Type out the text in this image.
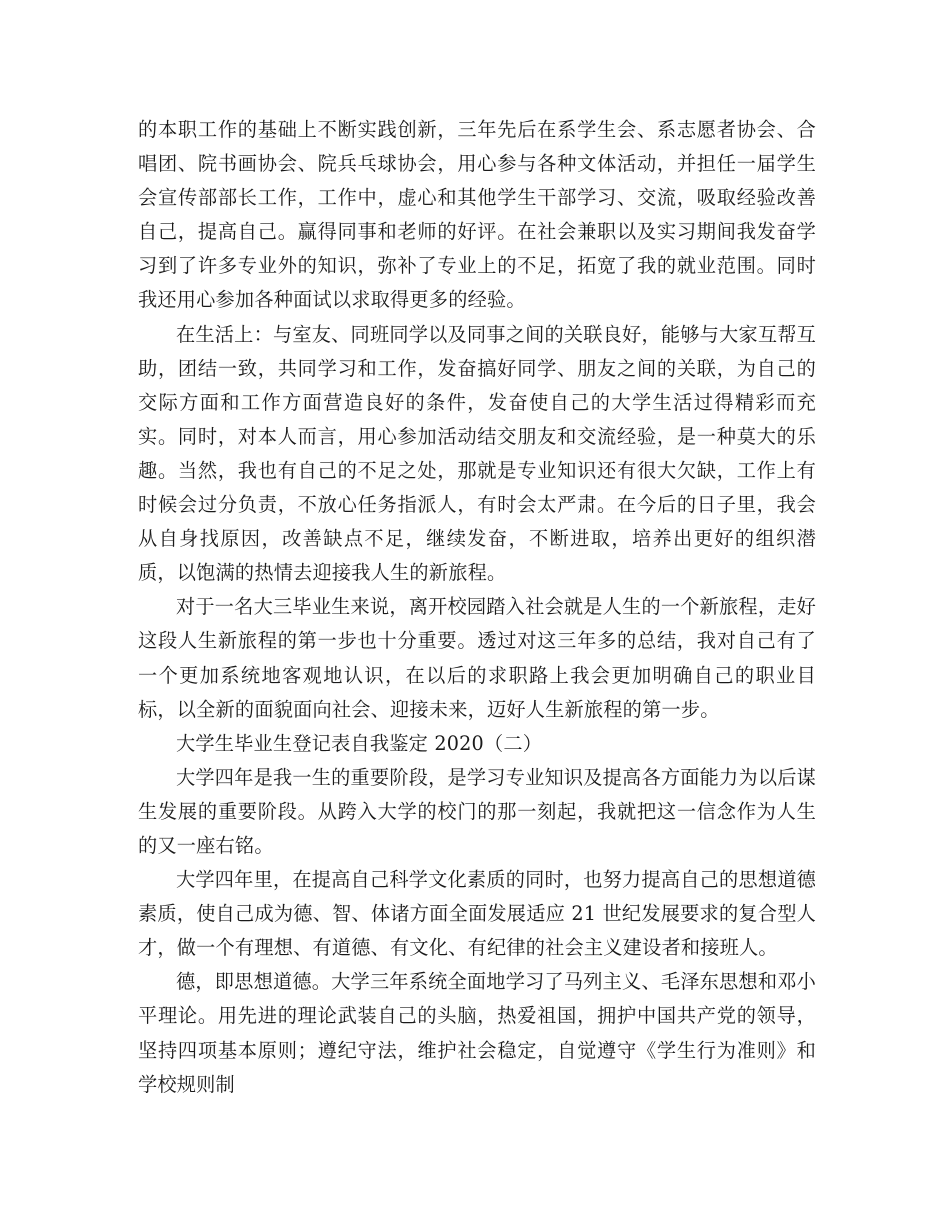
的本职工作的基础上不断实践创新，三年先后在系学生会、系志愿者协会、合唱团、院书画协会、院兵乓球协会，用心参与各种文体活动，并担任一届学生会宣传部部长工作，工作中，虚心和其他学生干部学习、交流，吸取经验改善自己，提高自己。赢得同事和老师的好评。在社会兼职以及实习期间我发奋学习到了许多专业外的知识，弥补了专业上的不足，拓宽了我的就业范围。同时我还用心参加各种面试以求取得更多的经验。

在生活上：与室友、同班同学以及同事之间的关联良好，能够与大家互帮互助，团结一致，共同学习和工作，发奋搞好同学、朋友之间的关联，为自己的交际方面和工作方面营造良好的条件，发奋使自己的大学生活过得精彩而充实。同时，对本人而言，用心参加活动结交朋友和交流经验，是一种莫大的乐趣。当然，我也有自己的不足之处，那就是专业知识还有很大欠缺，工作上有时候会过分负责，不放心任务指派人，有时会太严肃。在今后的日子里，我会从自身找原因，改善缺点不足，继续发奋，不断进取，培养出更好的组织潜质，以饱满的热情去迎接我人生的新旅程。

对于一名大三毕业生来说，离开校园踏入社会就是人生的一个新旅程，走好这段人生新旅程的第一步也十分重要。透过对这三年多的总结，我对自己有了一个更加系统地客观地认识，在以后的求职路上我会更加明确自己的职业目标，以全新的面貌面向社会、迎接未来，迈好人生新旅程的第一步。

大学生毕业生登记表自我鉴定 2020（二）

大学四年是我一生的重要阶段，是学习专业知识及提高各方面能力为以后谋生发展的重要阶段。从跨入大学的校门的那一刻起，我就把这一信念作为人生的又一座右铭。

大学四年里，在提高自己科学文化素质的同时，也努力提高自己的思想道德素质，使自己成为德、智、体诸方面全面发展适应 21 世纪发展要求的复合型人才，做一个有理想、有道德、有文化、有纪律的社会主义建设者和接班人。

德，即思想道德。大学三年系统全面地学习了马列主义、毛泽东思想和邓小平理论。用先进的理论武装自己的头脑，热爱祖国，拥护中国共产党的领导，坚持四项基本原则；遵纪守法，维护社会稳定，自觉遵守《学生行为准则》和学校规则制
